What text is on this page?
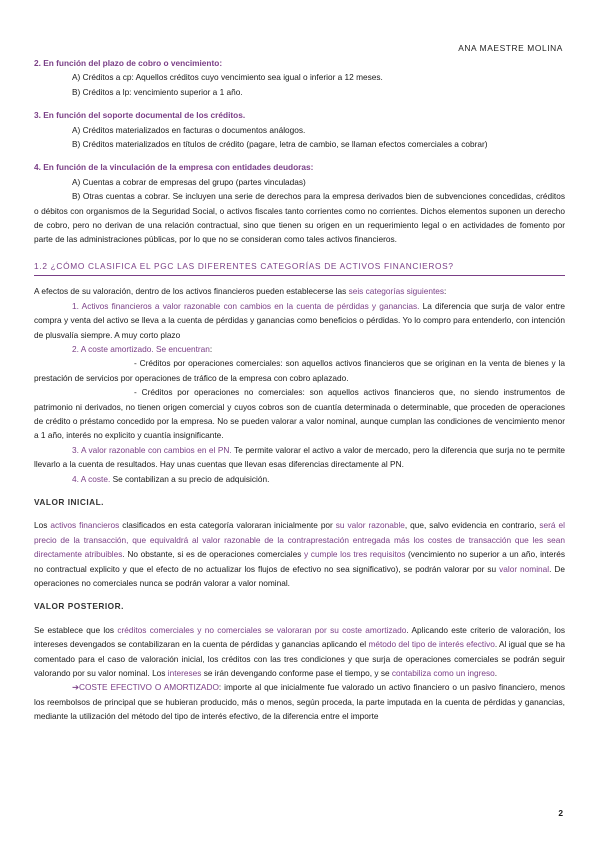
ANA MAESTRE MOLINA

2. En función del plazo de cobro o vencimiento:

A) Créditos a cp: Aquellos créditos cuyo vencimiento sea igual o inferior a 12 meses.

B) Créditos a lp: vencimiento superior a 1 año.

3. En función del soporte documental de los créditos.

A) Créditos materializados en facturas o documentos análogos.

B) Créditos materializados en títulos de crédito (pagare, letra de cambio, se llaman efectos comerciales a cobrar)

4. En función de la vinculación de la empresa con entidades deudoras:

A) Cuentas a cobrar de empresas del grupo (partes vinculadas)

B) Otras cuentas a cobrar. Se incluyen una serie de derechos para la empresa derivados bien de subvenciones concedidas, créditos o débitos con organismos de la Seguridad Social, o activos fiscales tanto corrientes como no corrientes. Dichos elementos suponen un derecho de cobro, pero no derivan de una relación contractual, sino que tienen su origen en un requerimiento legal o en actividades de fomento por parte de las administraciones públicas, por lo que no se consideran como tales activos financieros.

1.2 ¿CÓMO CLASIFICA EL PGC LAS DIFERENTES CATEGORÍAS DE ACTIVOS FINANCIEROS?

A efectos de su valoración, dentro de los activos financieros pueden establecerse las seis categorías siguientes:

1. Activos financieros a valor razonable con cambios en la cuenta de pérdidas y ganancias. La diferencia que surja de valor entre compra y venta del activo se lleva a la cuenta de pérdidas y ganancias como beneficios o pérdidas. Yo lo compro para entenderlo, con intención de plusvalía siempre. A muy corto plazo

2. A coste amortizado. Se encuentran:

- Créditos por operaciones comerciales: son aquellos activos financieros que se originan en la venta de bienes y la prestación de servicios por operaciones de tráfico de la empresa con cobro aplazado.

- Créditos por operaciones no comerciales: son aquellos activos financieros que, no siendo instrumentos de patrimonio ni derivados, no tienen origen comercial y cuyos cobros son de cuantía determinada o determinable, que proceden de operaciones de crédito o préstamo concedido por la empresa. No se pueden valorar a valor nominal, aunque cumplan las condiciones de vencimiento menor a 1 año, interés no explicito y cuantía insignificante.

3. A valor razonable con cambios en el PN. Te permite valorar el activo a valor de mercado, pero la diferencia que surja no te permite llevarlo a la cuenta de resultados. Hay unas cuentas que llevan esas diferencias directamente al PN.

4. A coste. Se contabilizan a su precio de adquisición.

VALOR INICIAL.

Los activos financieros clasificados en esta categoría valoraran inicialmente por su valor razonable, que, salvo evidencia en contrario, será el precio de la transacción, que equivaldrá al valor razonable de la contraprestación entregada más los costes de transacción que les sean directamente atribuibles. No obstante, si es de operaciones comerciales y cumple los tres requisitos (vencimiento no superior a un año, interés no contractual explicito y que el efecto de no actualizar los flujos de efectivo no sea significativo), se podrán valorar por su valor nominal. De operaciones no comerciales nunca se podrán valorar a valor nominal.

VALOR POSTERIOR.

Se establece que los créditos comerciales y no comerciales se valoraran por su coste amortizado. Aplicando este criterio de valoración, los intereses devengados se contabilizaran en la cuenta de pérdidas y ganancias aplicando el método del tipo de interés efectivo. Al igual que se ha comentado para el caso de valoración inicial, los créditos con las tres condiciones y que surja de operaciones comerciales se podrán seguir valorando por su valor nominal. Los intereses se irán devengando conforme pase el tiempo, y se contabiliza como un ingreso.

➔COSTE EFECTIVO O AMORTIZADO: importe al que inicialmente fue valorado un activo financiero o un pasivo financiero, menos los reembolsos de principal que se hubieran producido, más o menos, según proceda, la parte imputada en la cuenta de pérdidas y ganancias, mediante la utilización del método del tipo de interés efectivo, de la diferencia entre el importe

2
